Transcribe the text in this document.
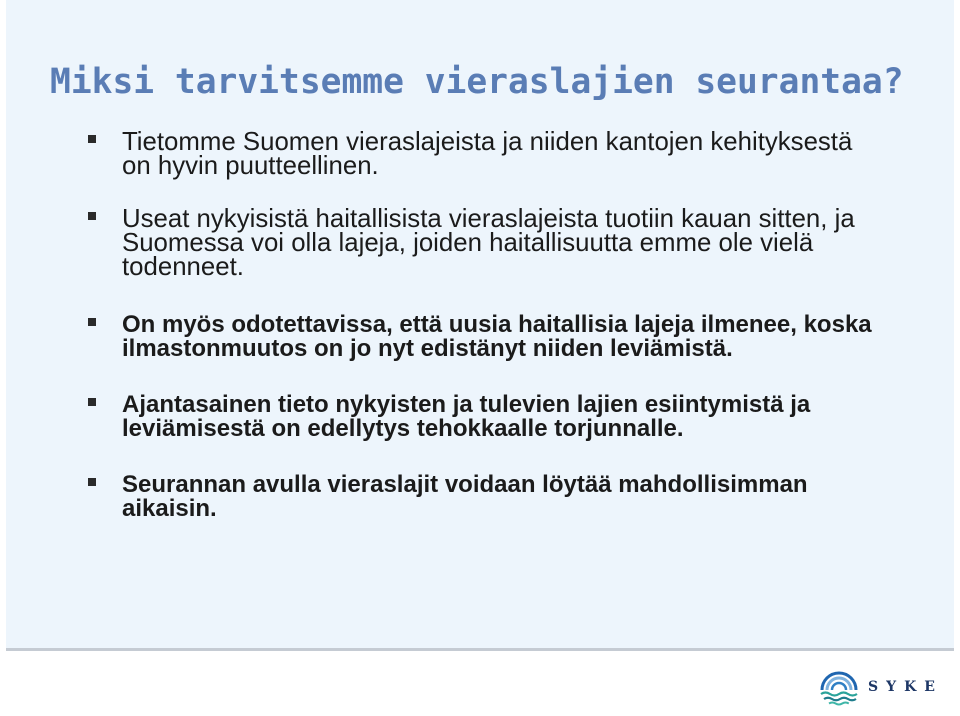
Miksi tarvitsemme vieraslajien seurantaa?
Tietomme Suomen vieraslajeista ja niiden kantojen kehityksestä
on hyvin puutteellinen.
Useat nykyisistä haitallisista vieraslajeista tuotiin kauan sitten, ja
Suomessa voi olla lajeja, joiden haitallisuutta emme ole vielä
todenneet.
On myös odotettavissa, että uusia haitallisia lajeja ilmenee, koska
ilmastonmuutos on jo nyt edistänyt niiden leviämistä.
Ajantasainen tieto nykyisten ja tulevien lajien esiintymistä ja
leviämisestä on edellytys tehokkaalle torjunnalle.
Seurannan avulla vieraslajit voidaan löytää mahdollisimman
aikaisin.
SYKE
